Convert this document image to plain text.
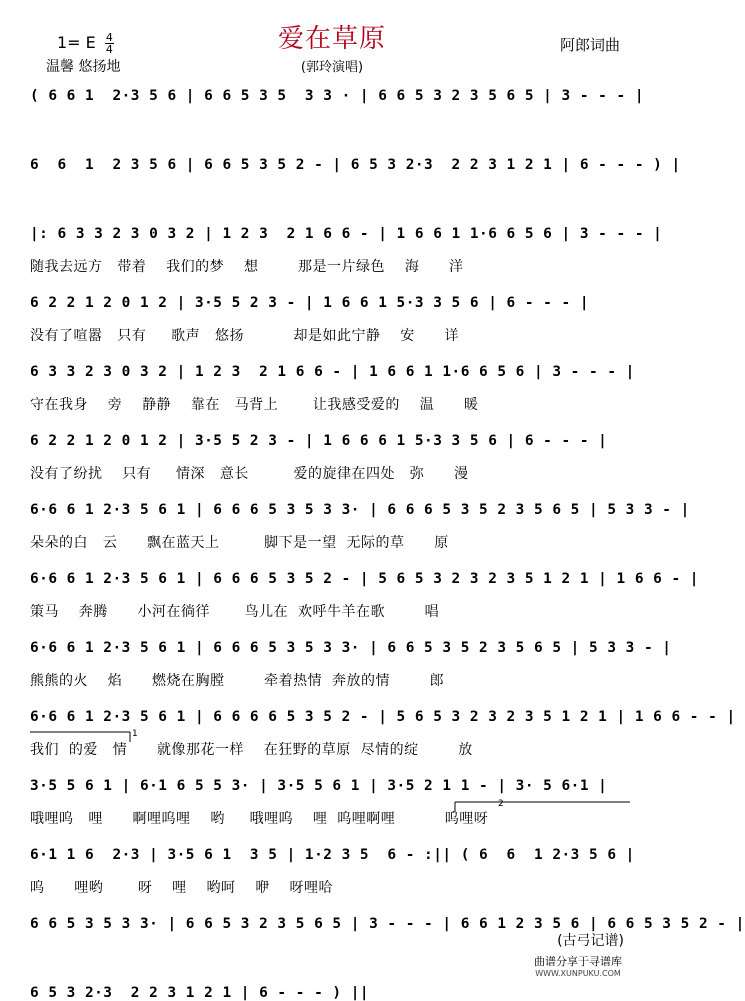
爱在草原
1= E $\frac{4}{4}$	阿郎词曲
温馨 悠扬地	(郭玲演唱)
( 6 6 1  2·3 5 6 | 6 6 5 3 5  3 3 · | 6 6 5 3 2 3 5 6 5 | 3 - - - |
6  6  1  2 3 5 6 | 6 6 5 3 5 2 - | 6 5 3 2·3  2 2 3 1 2 1 | 6 - - - ) |
|: 6 3 3 2 3 0 3 2 | 1 2 3  2 1 6 6 - | 1 6 6 1 1·6 6 5 6 | 3 - - - |
随我去远方   带着    我们的梦    想        那是一片绿色    海      洋
6 2 2 1 2 0 1 2 | 3·5 5 2 3 - | 1 6 6 1 5·3 3 5 6 | 6 - - - |
没有了喧嚣   只有     歌声   悠扬          却是如此宁静    安      详
6 3 3 2 3 0 3 2 | 1 2 3  2 1 6 6 - | 1 6 6 1 1·6 6 5 6 | 3 - - - |
守在我身    旁    静静    靠在   马背上       让我感受爱的    温      暖
6 2 2 1 2 0 1 2 | 3·5 5 2 3 - | 1 6 6 6 1 5·3 3 5 6 | 6 - - - |
没有了纷扰    只有     情深   意长         爱的旋律在四处   弥      漫
6·6 6 1 2·3 5 6 1 | 6 6 6 5 3 5 3 3· | 6 6 6 5 3 5 2 3 5 6 5 | 5 3 3 - |
朵朵的白   云      飘在蓝天上         脚下是一望  无际的草      原
6·6 6 1 2·3 5 6 1 | 6 6 6 5 3 5 2 - | 5 6 5 3 2 3 2 3 5 1 2 1 | 1 6 6 - |
策马    奔腾      小河在徜徉       鸟儿在  欢呼牛羊在歌        唱
6·6 6 1 2·3 5 6 1 | 6 6 6 5 3 5 3 3· | 6 6 5 3 5 2 3 5 6 5 | 5 3 3 - |
熊熊的火    焰      燃烧在胸膛        牵着热情  奔放的情        郎
6·6 6 1 2·3 5 6 1 | 6 6 6 6 5 3 5 2 - | 5 6 5 3 2 3 2 3 5 1 2 1 | 1 6 6 - - |
我们  的爱   情      就像那花一样    在狂野的草原  尽情的绽        放
3·5 5 6 1 | 6·1 6 5 5 3· | 3·5 5 6 1 | 3·5 2 1 1 - | 3· 5 6·1 |
哦哩呜   哩      啊哩呜哩    哟     哦哩呜    哩  呜哩啊哩          呜哩呀
6·1 1 6  2·3 | 3·5 6 1  3 5 | 1·2 3 5  6 - :|| ( 6  6  1 2·3 5 6 |
呜      哩哟       呀    哩    哟呵    咿    呀哩哈
6 6 5 3 5 3 3· | 6 6 5 3 2 3 5 6 5 | 3 - - - | 6 6 1 2 3 5 6 | 6 6 5 3 5 2 - |
6 5 3 2·3  2 2 3 1 2 1 | 6 - - - ) ||
1
2
(古弓记谱)
曲谱分享于寻谱库
WWW.XUNPUKU.COM
